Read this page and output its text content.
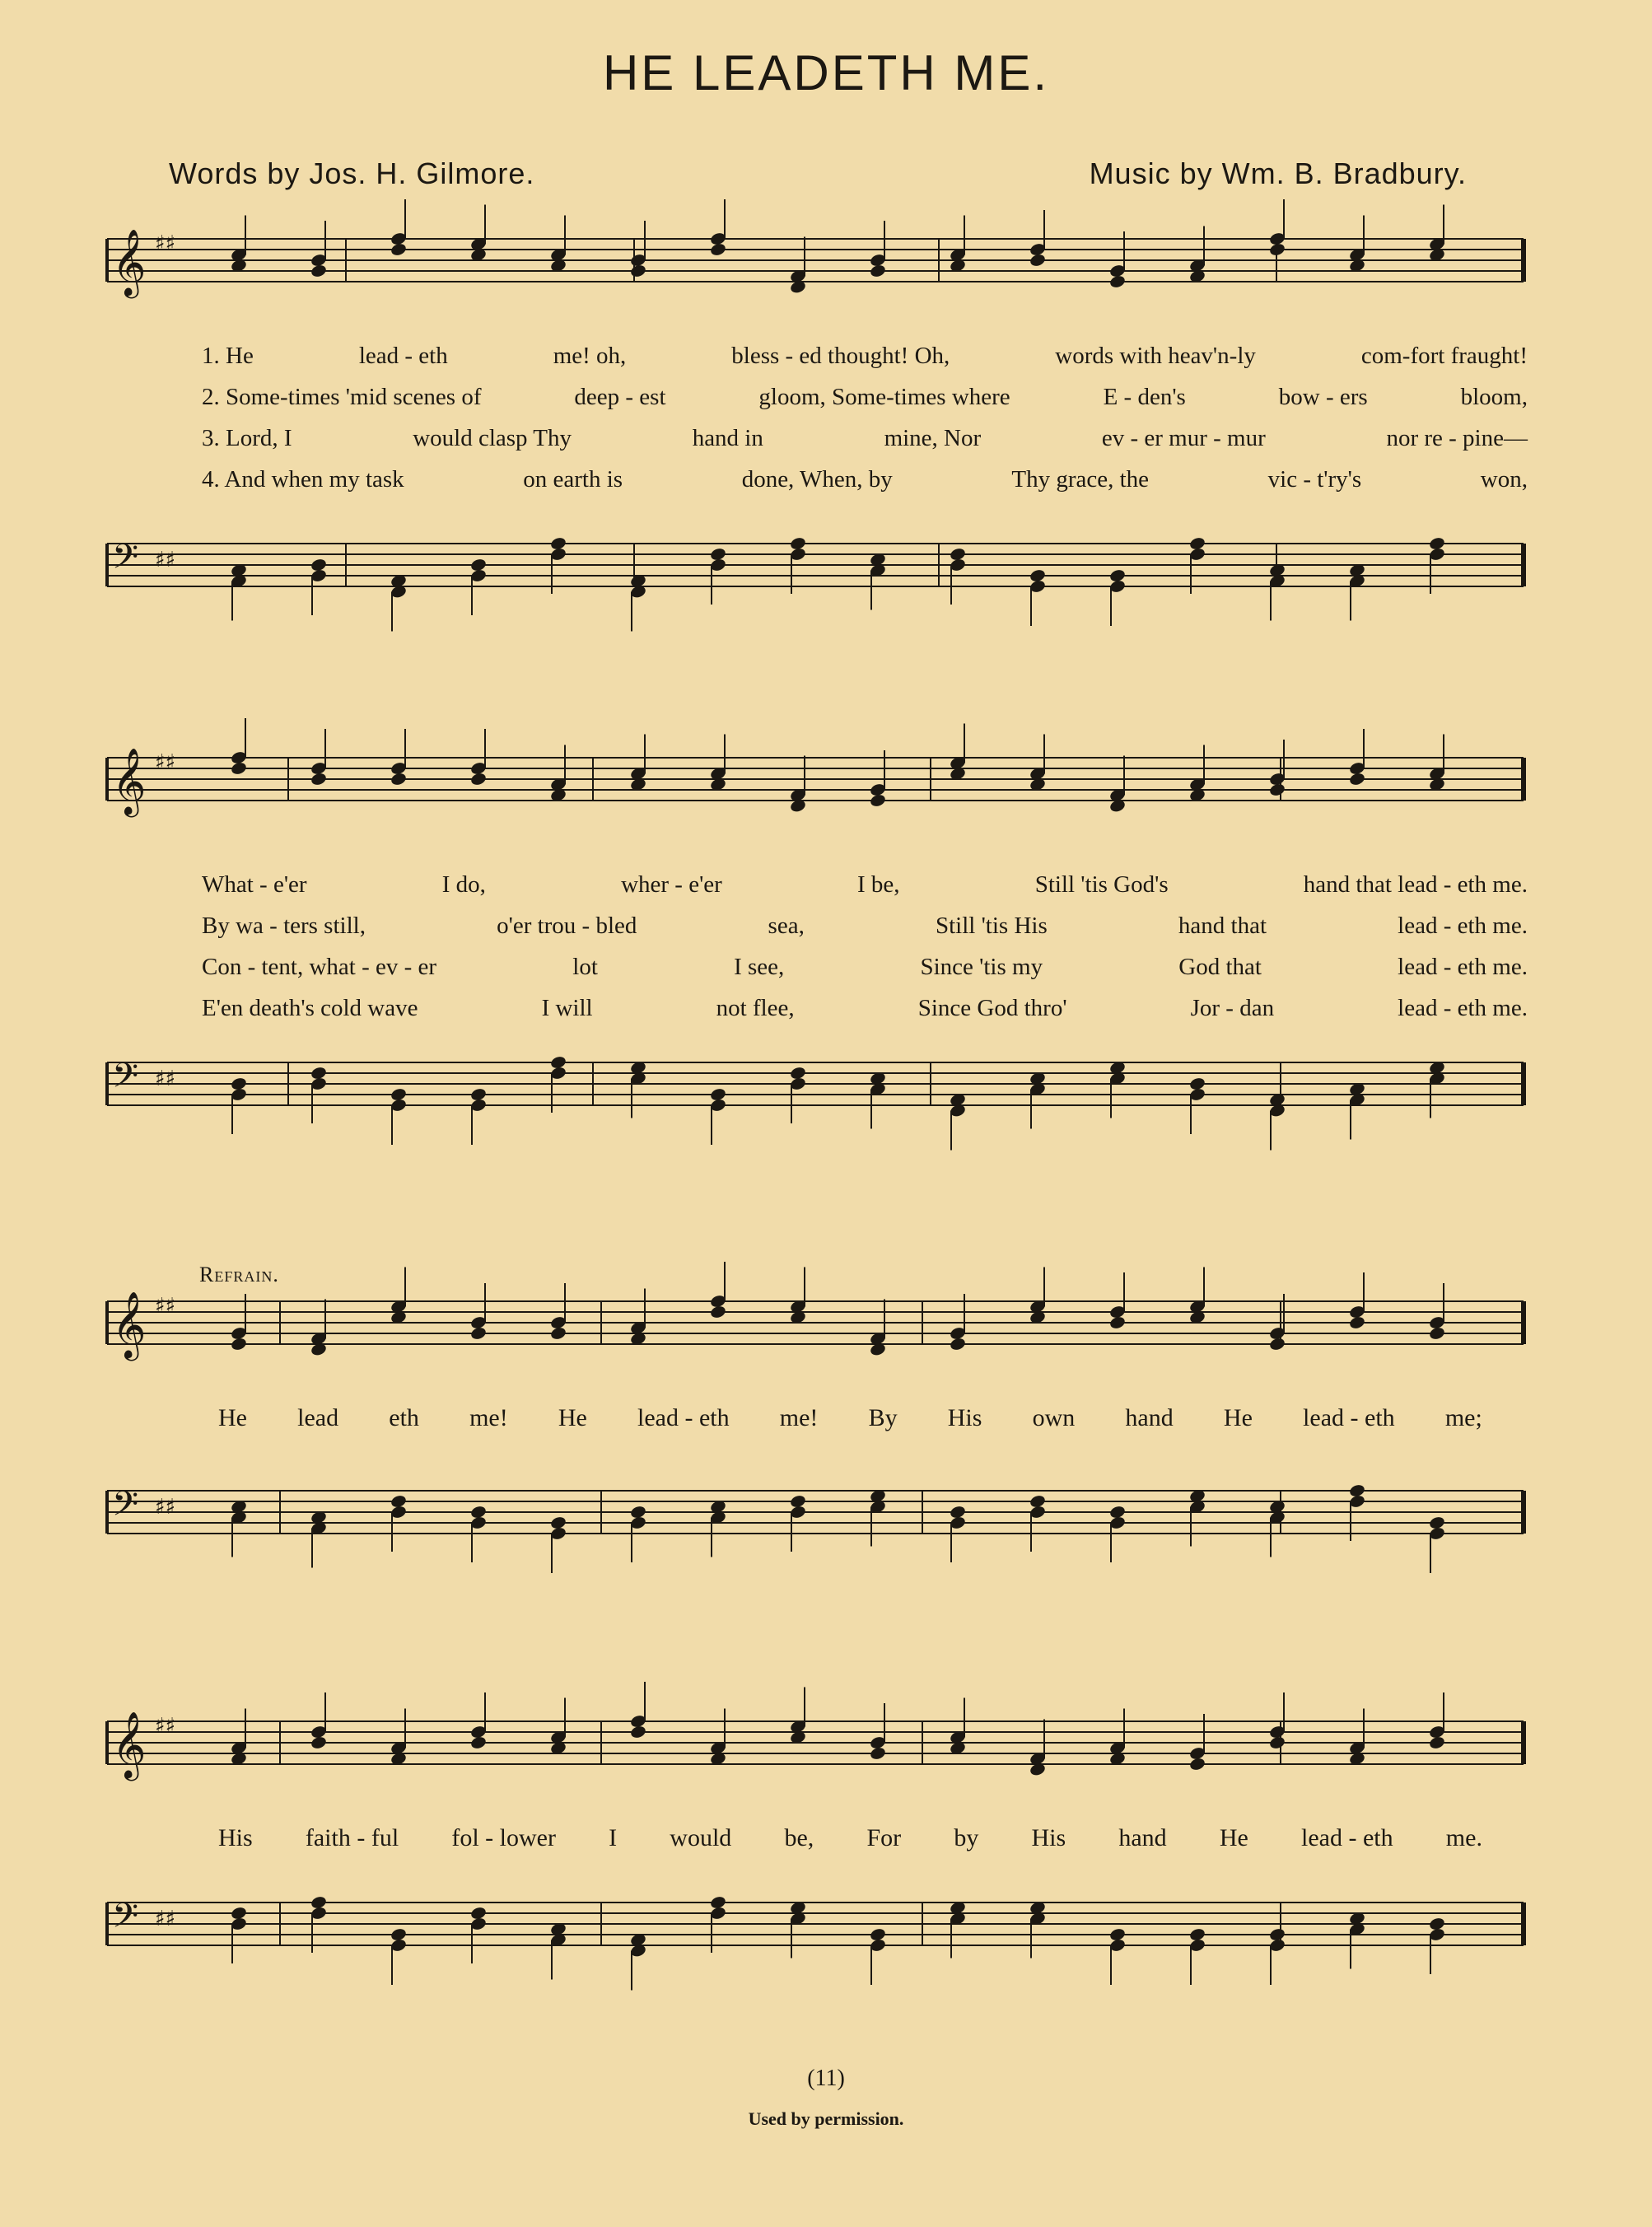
HE LEADETH ME.
Words by Jos. H. Gilmore.	Music by Wm. B. Bradbury.
𝄞 ♯♯
𝄢 ♯♯
𝄞 ♯♯
𝄢 ♯♯
𝄞 ♯♯
𝄢 ♯♯
𝄞 ♯♯
𝄢 ♯♯
1. He	lead - eth	me! oh,	bless - ed thought! Oh,	words with heav'n-ly	com-fort fraught!
2. Some-times 'mid scenes of	deep - est	gloom, Some-times where	E - den's	bow - ers	bloom,
3. Lord, I	would clasp Thy	hand in	mine, Nor	ev - er mur - mur	nor re - pine—
4. And when my task	on earth is	done, When, by	Thy grace, the	vic - t'ry's	won,
What - e'er	I do,	wher - e'er	I be,	Still 'tis God's	hand that lead - eth me.
By wa - ters still,	o'er trou - bled	sea,	Still 'tis His	hand that	lead - eth me.
Con - tent, what - ev - er	lot	I see,	Since 'tis my	God that	lead - eth me.
E'en death's cold wave	I will	not flee,	Since God thro'	Jor - dan	lead - eth me.
Refrain.
He lead eth me! He lead - eth me! By His own hand He lead - eth me;
His faith - ful fol - lower I would be, For by His hand He lead - eth me.
Used by permission.
(11)
